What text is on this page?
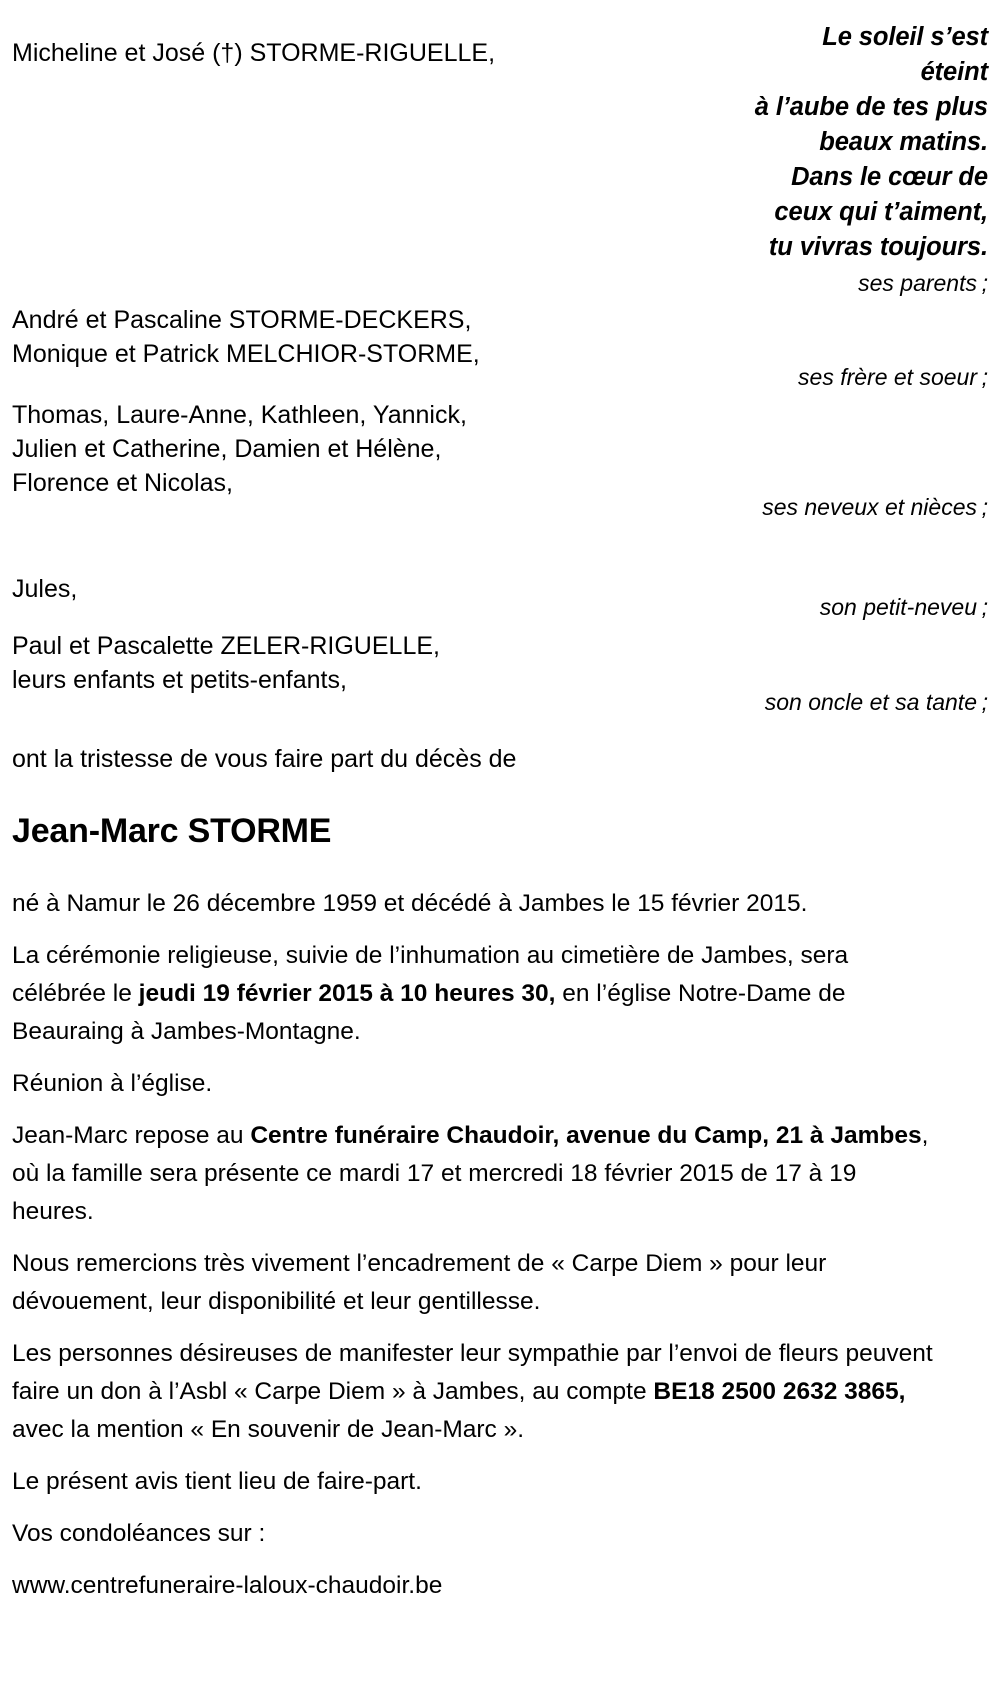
Le soleil s’est
éteint
à l’aube de tes plus
beaux matins.
Dans le cœur de
ceux qui t’aiment,
tu vivras toujours.
ses parents ;
ses frère et soeur ;
ses neveux et nièces ;
son petit-neveu ;
son oncle et sa tante ;
Micheline et José (†) STORME-RIGUELLE,
André et Pascaline STORME-DECKERS,
Monique et Patrick MELCHIOR-STORME,
Thomas, Laure-Anne, Kathleen, Yannick,
Julien et Catherine, Damien et Hélène,
Florence et Nicolas,
Jules,
Paul et Pascalette ZELER-RIGUELLE,
leurs enfants et petits-enfants,
ont la tristesse de vous faire part du décès de
Jean-Marc STORME

né à Namur le 26 décembre 1959 et décédé à Jambes le 15 février 2015.

La cérémonie religieuse, suivie de l’inhumation au cimetière de Jambes, sera célébrée le jeudi 19 février 2015 à 10 heures 30, en l’église Notre-Dame de Beauraing à Jambes-Montagne.

Réunion à l’église.

Jean-Marc repose au Centre funéraire Chaudoir, avenue du Camp, 21 à Jambes, où la famille sera présente ce mardi 17 et mercredi 18 février 2015 de 17 à 19 heures.

Nous remercions très vivement l’encadrement de « Carpe Diem » pour leur dévouement, leur disponibilité et leur gentillesse.

Les personnes désireuses de manifester leur sympathie par l’envoi de fleurs peuvent faire un don à l’Asbl « Carpe Diem » à Jambes, au compte BE18 2500 2632 3865, avec la mention « En souvenir de Jean-Marc ».

Le présent avis tient lieu de faire-part.

Vos condoléances sur :

www.centrefuneraire-laloux-chaudoir.be
